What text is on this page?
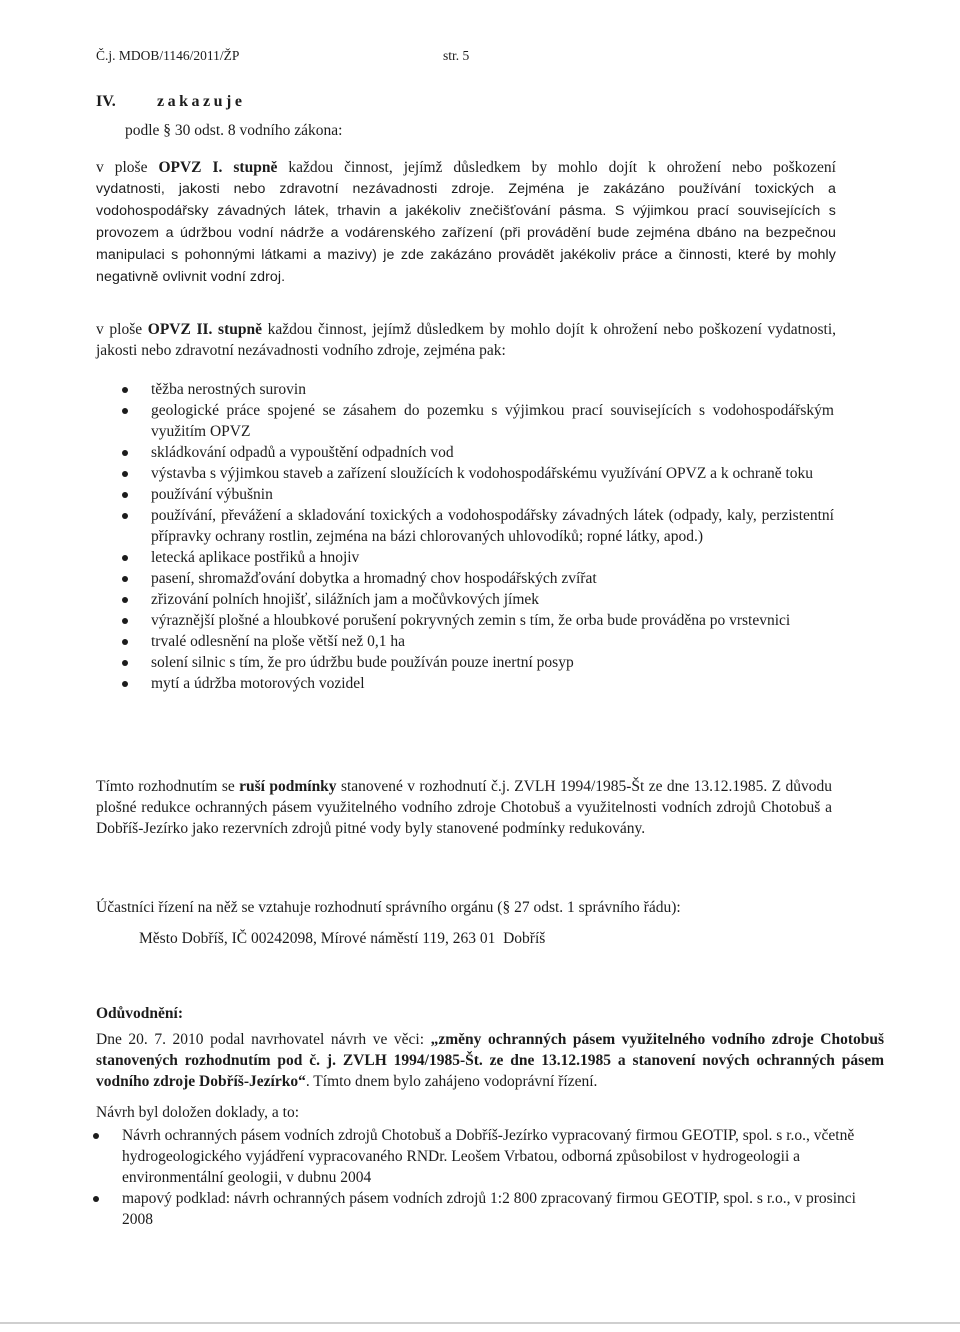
Č.j. MDOB/1146/2011/ŽP	str. 5
IV.	zakazuje
podle § 30 odst. 8 vodního zákona:
v ploše OPVZ I. stupně každou činnost, jejímž důsledkem by mohlo dojít k ohrožení nebo poškození
vydatnosti, jakosti nebo zdravotní nezávadnosti zdroje. Zejména je zakázáno používání toxických a vodohospodářsky závadných látek, trhavin a jakékoliv znečišťování pásma. S výjimkou prací souvisejících s provozem a údržbou vodní nádrže a vodárenského zařízení (při provádění bude zejména dbáno na bezpečnou manipulaci s pohonnými látkami a mazivy) je zde zakázáno provádět jakékoliv práce a činnosti, které by mohly negativně ovlivnit vodní zdroj.
v ploše OPVZ II. stupně každou činnost, jejímž důsledkem by mohlo dojít k ohrožení nebo poškození vydatnosti, jakosti nebo zdravotní nezávadnosti vodního zdroje, zejména pak:
těžba nerostných surovin
geologické práce spojené se zásahem do pozemku s výjimkou prací souvisejících s vodohospodářským využitím OPVZ
skládkování odpadů a vypouštění odpadních vod
výstavba s výjimkou staveb a zařízení sloužících k vodohospodářskému využívání OPVZ a k ochraně toku
používání výbušnin
používání, převážení a skladování toxických a vodohospodářsky závadných látek (odpady, kaly, perzistentní přípravky ochrany rostlin, zejména na bázi chlorovaných uhlovodíků; ropné látky, apod.)
letecká aplikace postřiků a hnojiv
pasení, shromažďování dobytka a hromadný chov hospodářských zvířat
zřizování polních hnojišť, silážních jam a močůvkových jímek
výraznější plošné a hloubkové porušení pokryvných zemin s tím, že orba bude prováděna po vrstevnici
trvalé odlesnění na ploše větší než 0,1 ha
solení silnic s tím, že pro údržbu bude používán pouze inertní posyp
mytí a údržba motorových vozidel
Tímto rozhodnutím se ruší podmínky stanovené v rozhodnutí č.j. ZVLH 1994/1985-Št ze dne 13.12.1985. Z důvodu plošné redukce ochranných pásem využitelného vodního zdroje Chotobuš a využitelnosti vodních zdrojů Chotobuš a Dobříš-Jezírko jako rezervních zdrojů pitné vody byly stanovené podmínky redukovány.
Účastníci řízení na něž se vztahuje rozhodnutí správního orgánu (§ 27 odst. 1 správního řádu):
Město Dobříš, IČ 00242098, Mírové náměstí 119, 263 01  Dobříš
Odůvodnění:
Dne 20. 7. 2010 podal navrhovatel návrh ve věci: „změny ochranných pásem využitelného vodního zdroje Chotobuš stanovených rozhodnutím pod č. j. ZVLH 1994/1985-Št. ze dne 13.12.1985 a stanovení nových ochranných pásem vodního zdroje Dobříš-Jezírko“. Tímto dnem bylo zahájeno vodoprávní řízení.
Návrh byl doložen doklady, a to:
Návrh ochranných pásem vodních zdrojů Chotobuš a Dobříš-Jezírko vypracovaný firmou GEOTIP, spol. s r.o., včetně hydrogeologického vyjádření vypracovaného RNDr. Leošem Vrbatou, odborná způsobilost v hydrogeologii a environmentální geologii, v dubnu 2004
mapový podklad: návrh ochranných pásem vodních zdrojů 1:2 800 zpracovaný firmou GEOTIP, spol. s r.o., v prosinci 2008
